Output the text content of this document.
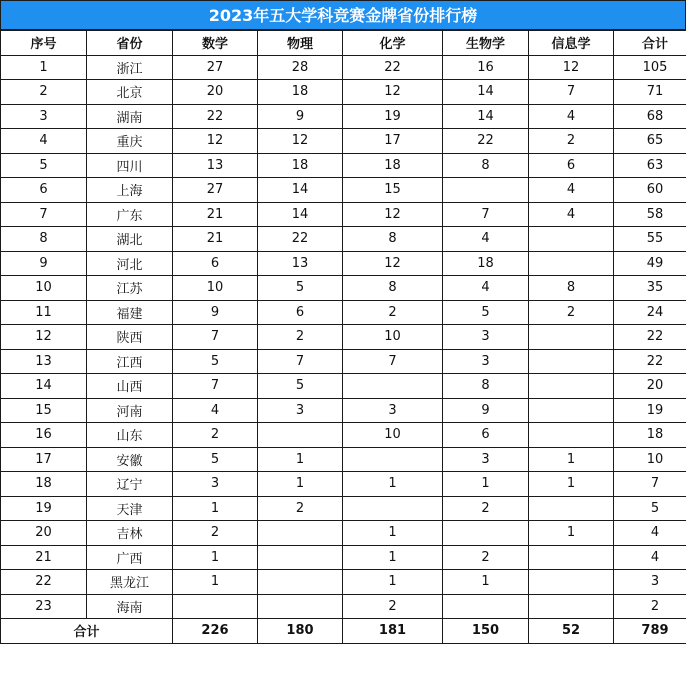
2023年五大学科竞赛金牌省份排行榜
序号	省份	数学	物理	化学	生物学	信息学	合计
1	浙江	27	28	22	16	12	105
2	北京	20	18	12	14	7	71
3	湖南	22	9	19	14	4	68
4	重庆	12	12	17	22	2	65
5	四川	13	18	18	8	6	63
6	上海	27	14	15		4	60
7	广东	21	14	12	7	4	58
8	湖北	21	22	8	4		55
9	河北	6	13	12	18		49
10	江苏	10	5	8	4	8	35
11	福建	9	6	2	5	2	24
12	陕西	7	2	10	3		22
13	江西	5	7	7	3		22
14	山西	7	5		8		20
15	河南	4	3	3	9		19
16	山东	2		10	6		18
17	安徽	5	1		3	1	10
18	辽宁	3	1	1	1	1	7
19	天津	1	2		2		5
20	吉林	2		1		1	4
21	广西	1		1	2		4
22	黑龙江	1		1	1		3
23	海南			2			2
合计		226	180	181	150	52	789
